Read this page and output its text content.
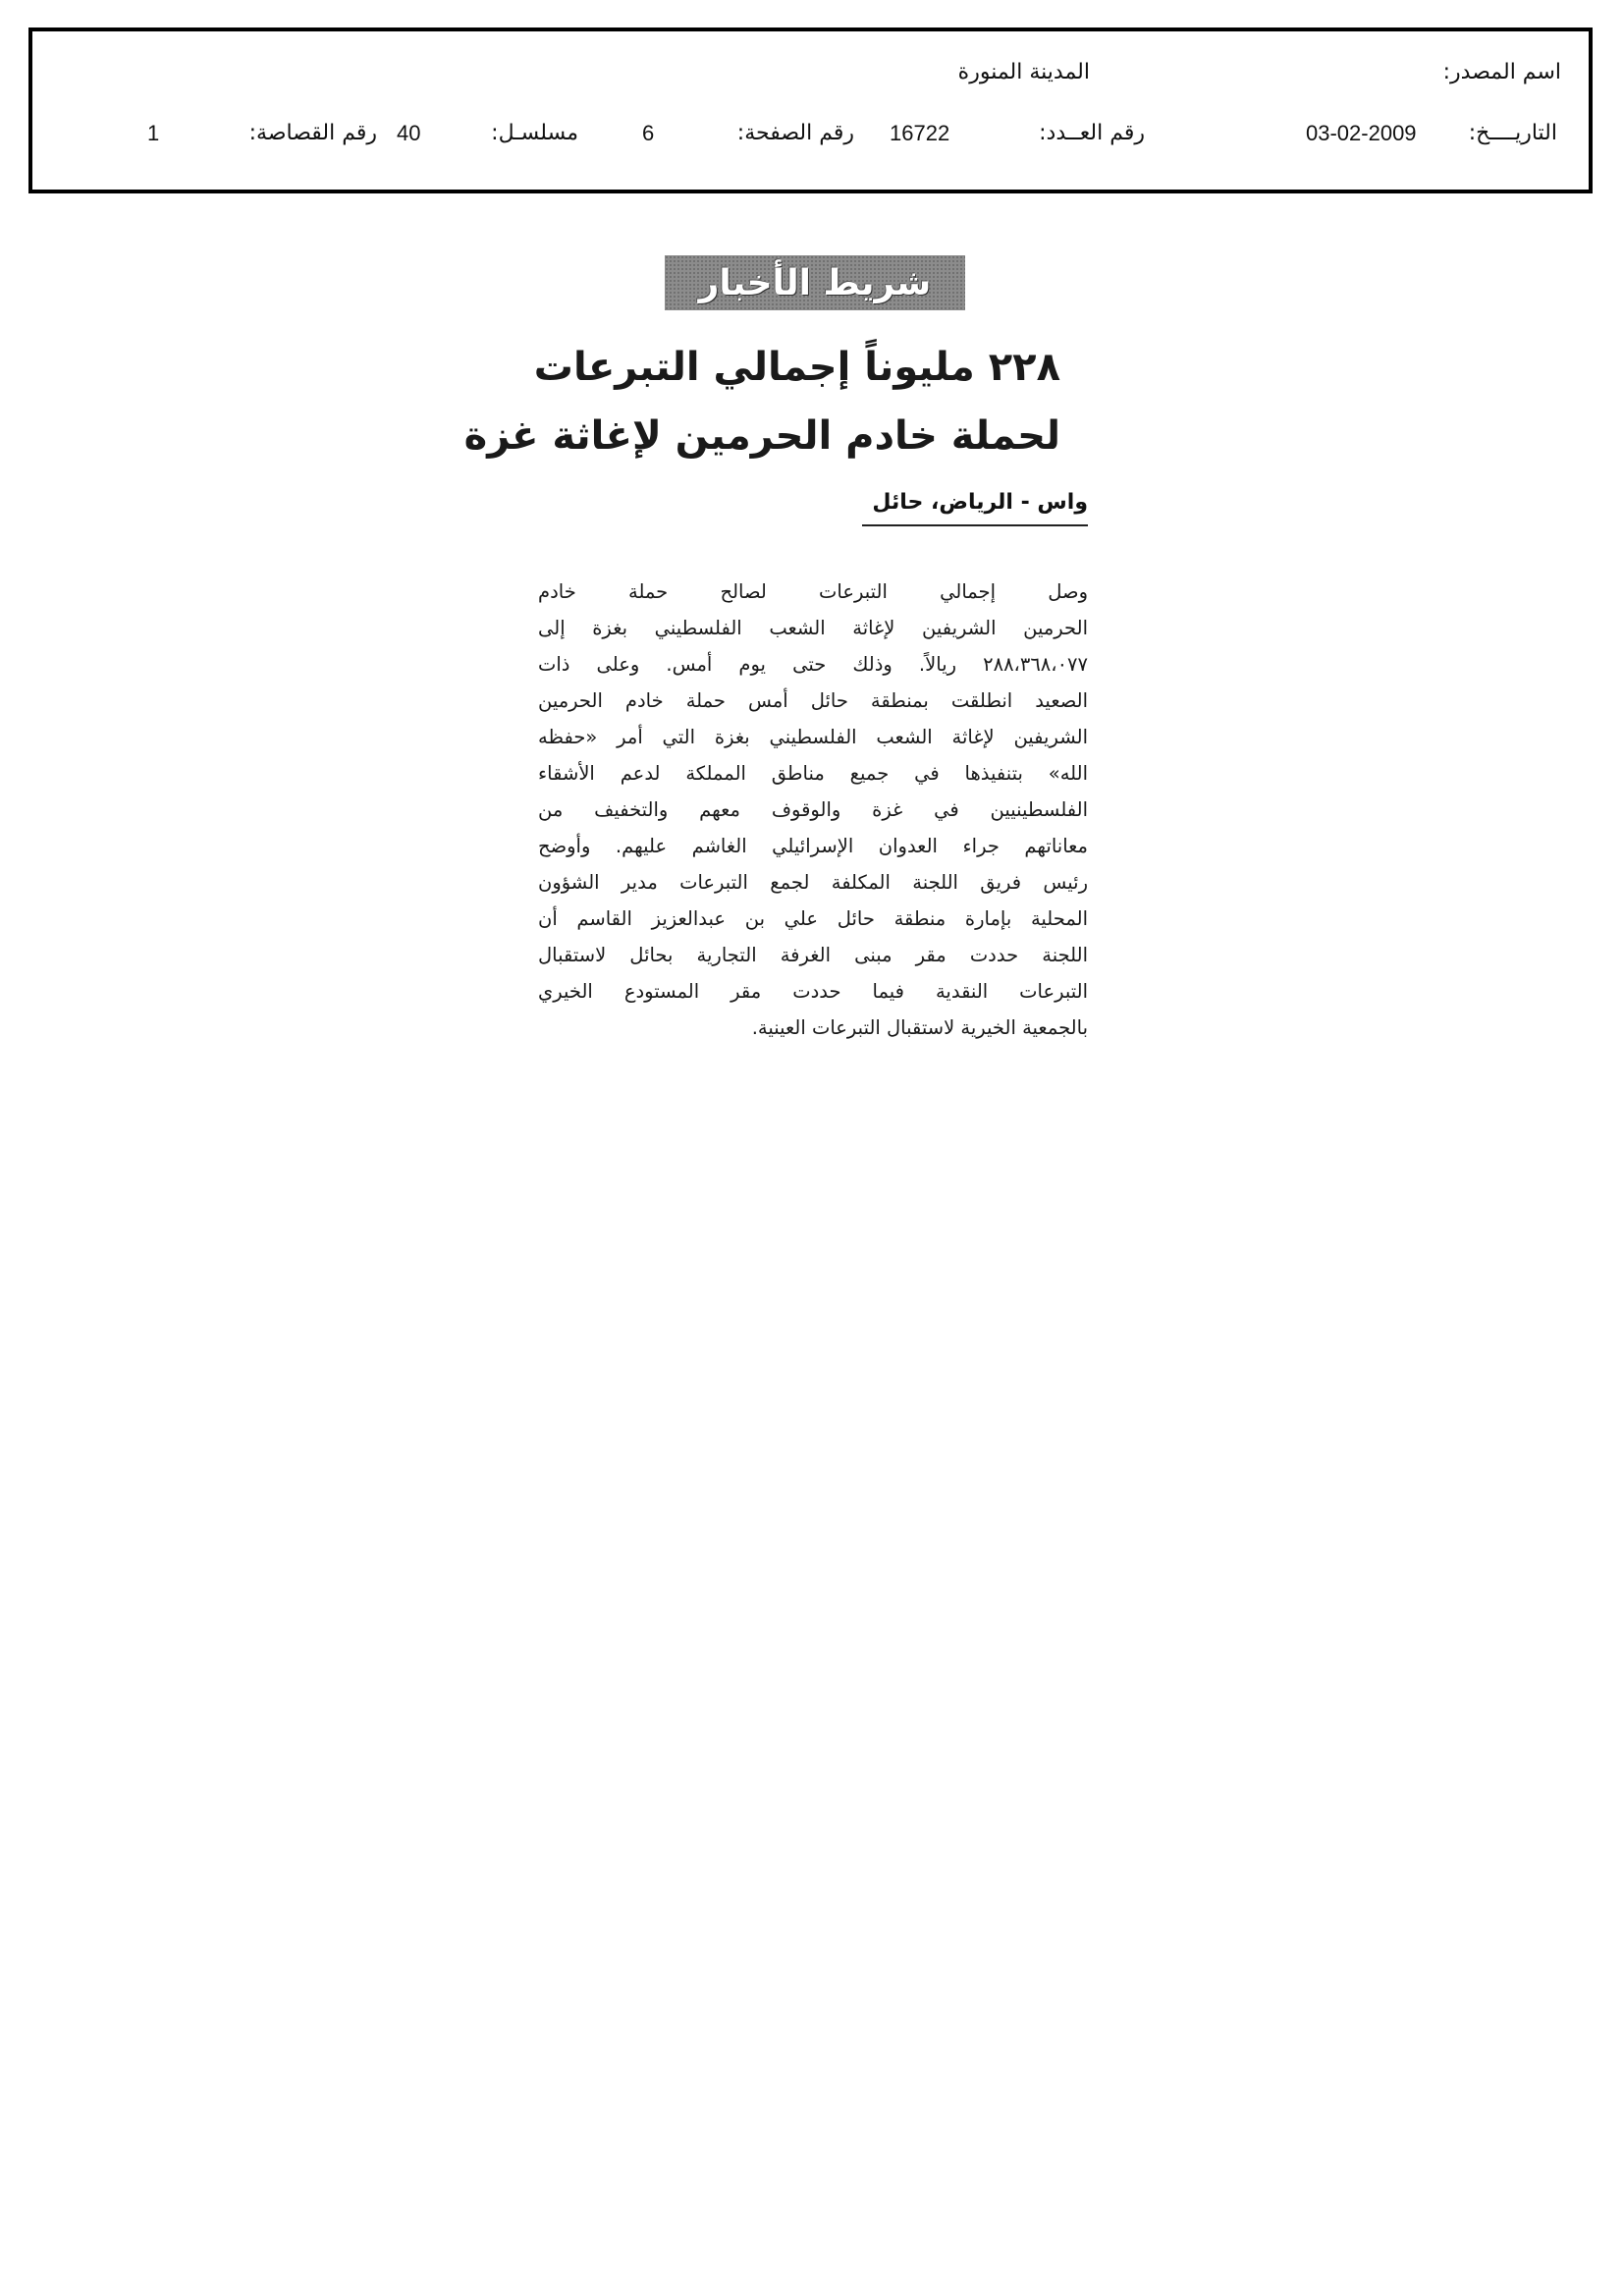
اسم المصدر:
المدينة المنورة
التاريــــخ:
03-02-2009
رقم العــدد:
16722
رقم الصفحة:
6
مسلسـل:
40
رقم القصاصة:
1
شريط الأخبار
٢٢٨ مليوناً إجمالي التبرعات
لحملة خادم الحرمين لإغاثة غزة
واس - الرياض، حائل
وصل إجمالي التبرعات لصالح حملة خادم
الحرمين الشريفين لإغاثة الشعب الفلسطيني بغزة إلى
٢٨٨،٣٦٨،٠٧٧ ريالاً. وذلك حتى يوم أمس. وعلى ذات
الصعيد انطلقت بمنطقة حائل أمس حملة خادم الحرمين
الشريفين لإغاثة الشعب الفلسطيني بغزة التي أمر «حفظه
الله» بتنفيذها في جميع مناطق المملكة لدعم الأشقاء
الفلسطينيين في غزة والوقوف معهم والتخفيف من
معاناتهم جراء العدوان الإسرائيلي الغاشم عليهم. وأوضح
رئيس فريق اللجنة المكلفة لجمع التبرعات مدير الشؤون
المحلية بإمارة منطقة حائل علي بن عبدالعزيز القاسم أن
اللجنة حددت مقر مبنى الغرفة التجارية بحائل لاستقبال
التبرعات النقدية فيما حددت مقر المستودع الخيري
بالجمعية الخيرية لاستقبال التبرعات العينية.
